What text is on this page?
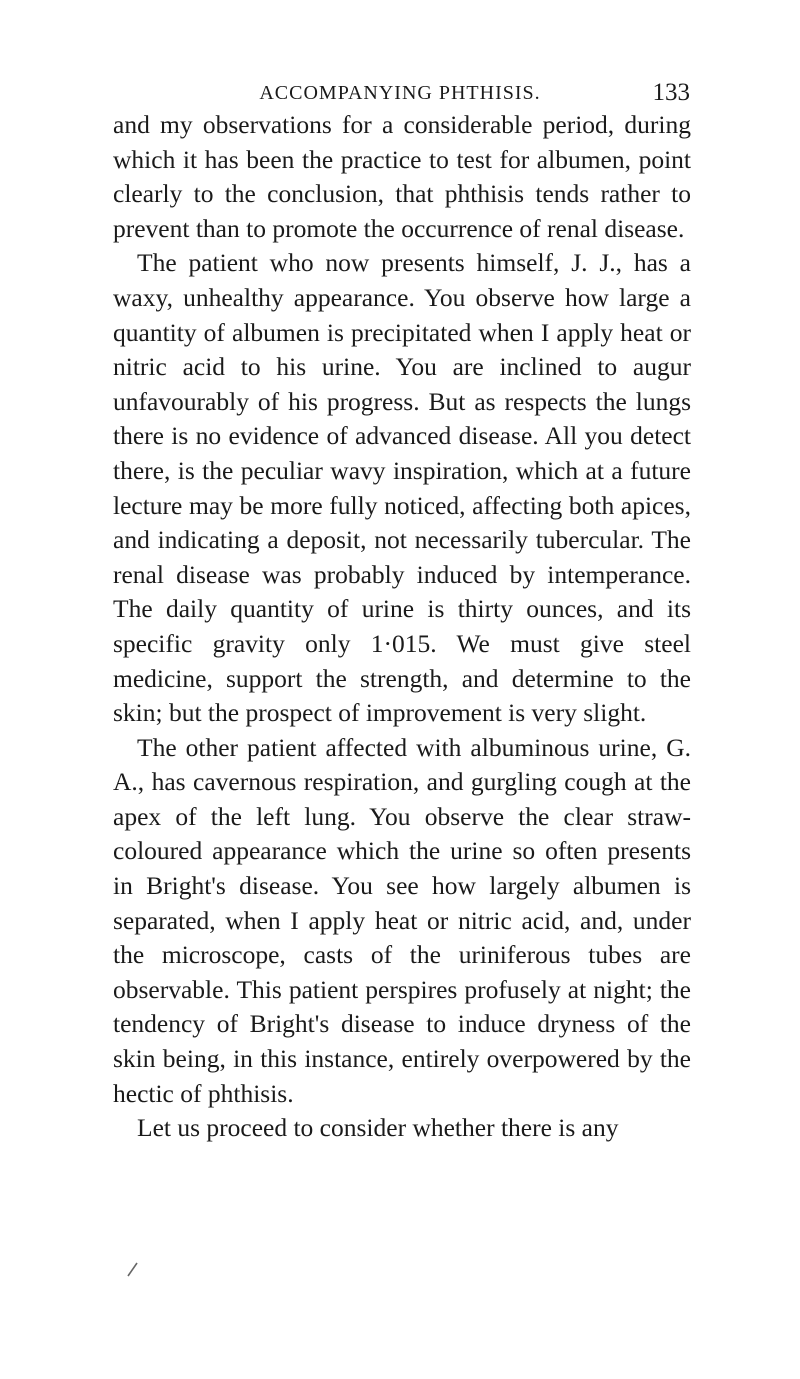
ACCOMPANYING PHTHISIS.	133

and my observations for a considerable period, during which it has been the practice to test for albumen, point clearly to the conclusion, that phthisis tends rather to prevent than to promote the occurrence of renal disease.

The patient who now presents himself, J. J., has a waxy, unhealthy appearance. You observe how large a quantity of albumen is precipitated when I apply heat or nitric acid to his urine. You are inclined to augur unfavourably of his progress. But as respects the lungs there is no evidence of advanced disease. All you detect there, is the peculiar wavy inspiration, which at a future lecture may be more fully noticed, affecting both apices, and indicating a deposit, not necessarily tubercular. The renal disease was probably induced by intemperance. The daily quantity of urine is thirty ounces, and its specific gravity only 1·015. We must give steel medicine, support the strength, and determine to the skin; but the prospect of improvement is very slight.

The other patient affected with albuminous urine, G. A., has cavernous respiration, and gurgling cough at the apex of the left lung. You observe the clear straw-coloured appearance which the urine so often presents in Bright's disease. You see how largely albumen is separated, when I apply heat or nitric acid, and, under the microscope, casts of the uriniferous tubes are observable. This patient perspires profusely at night; the tendency of Bright's disease to induce dryness of the skin being, in this instance, entirely overpowered by the hectic of phthisis.

Let us proceed to consider whether there is any
